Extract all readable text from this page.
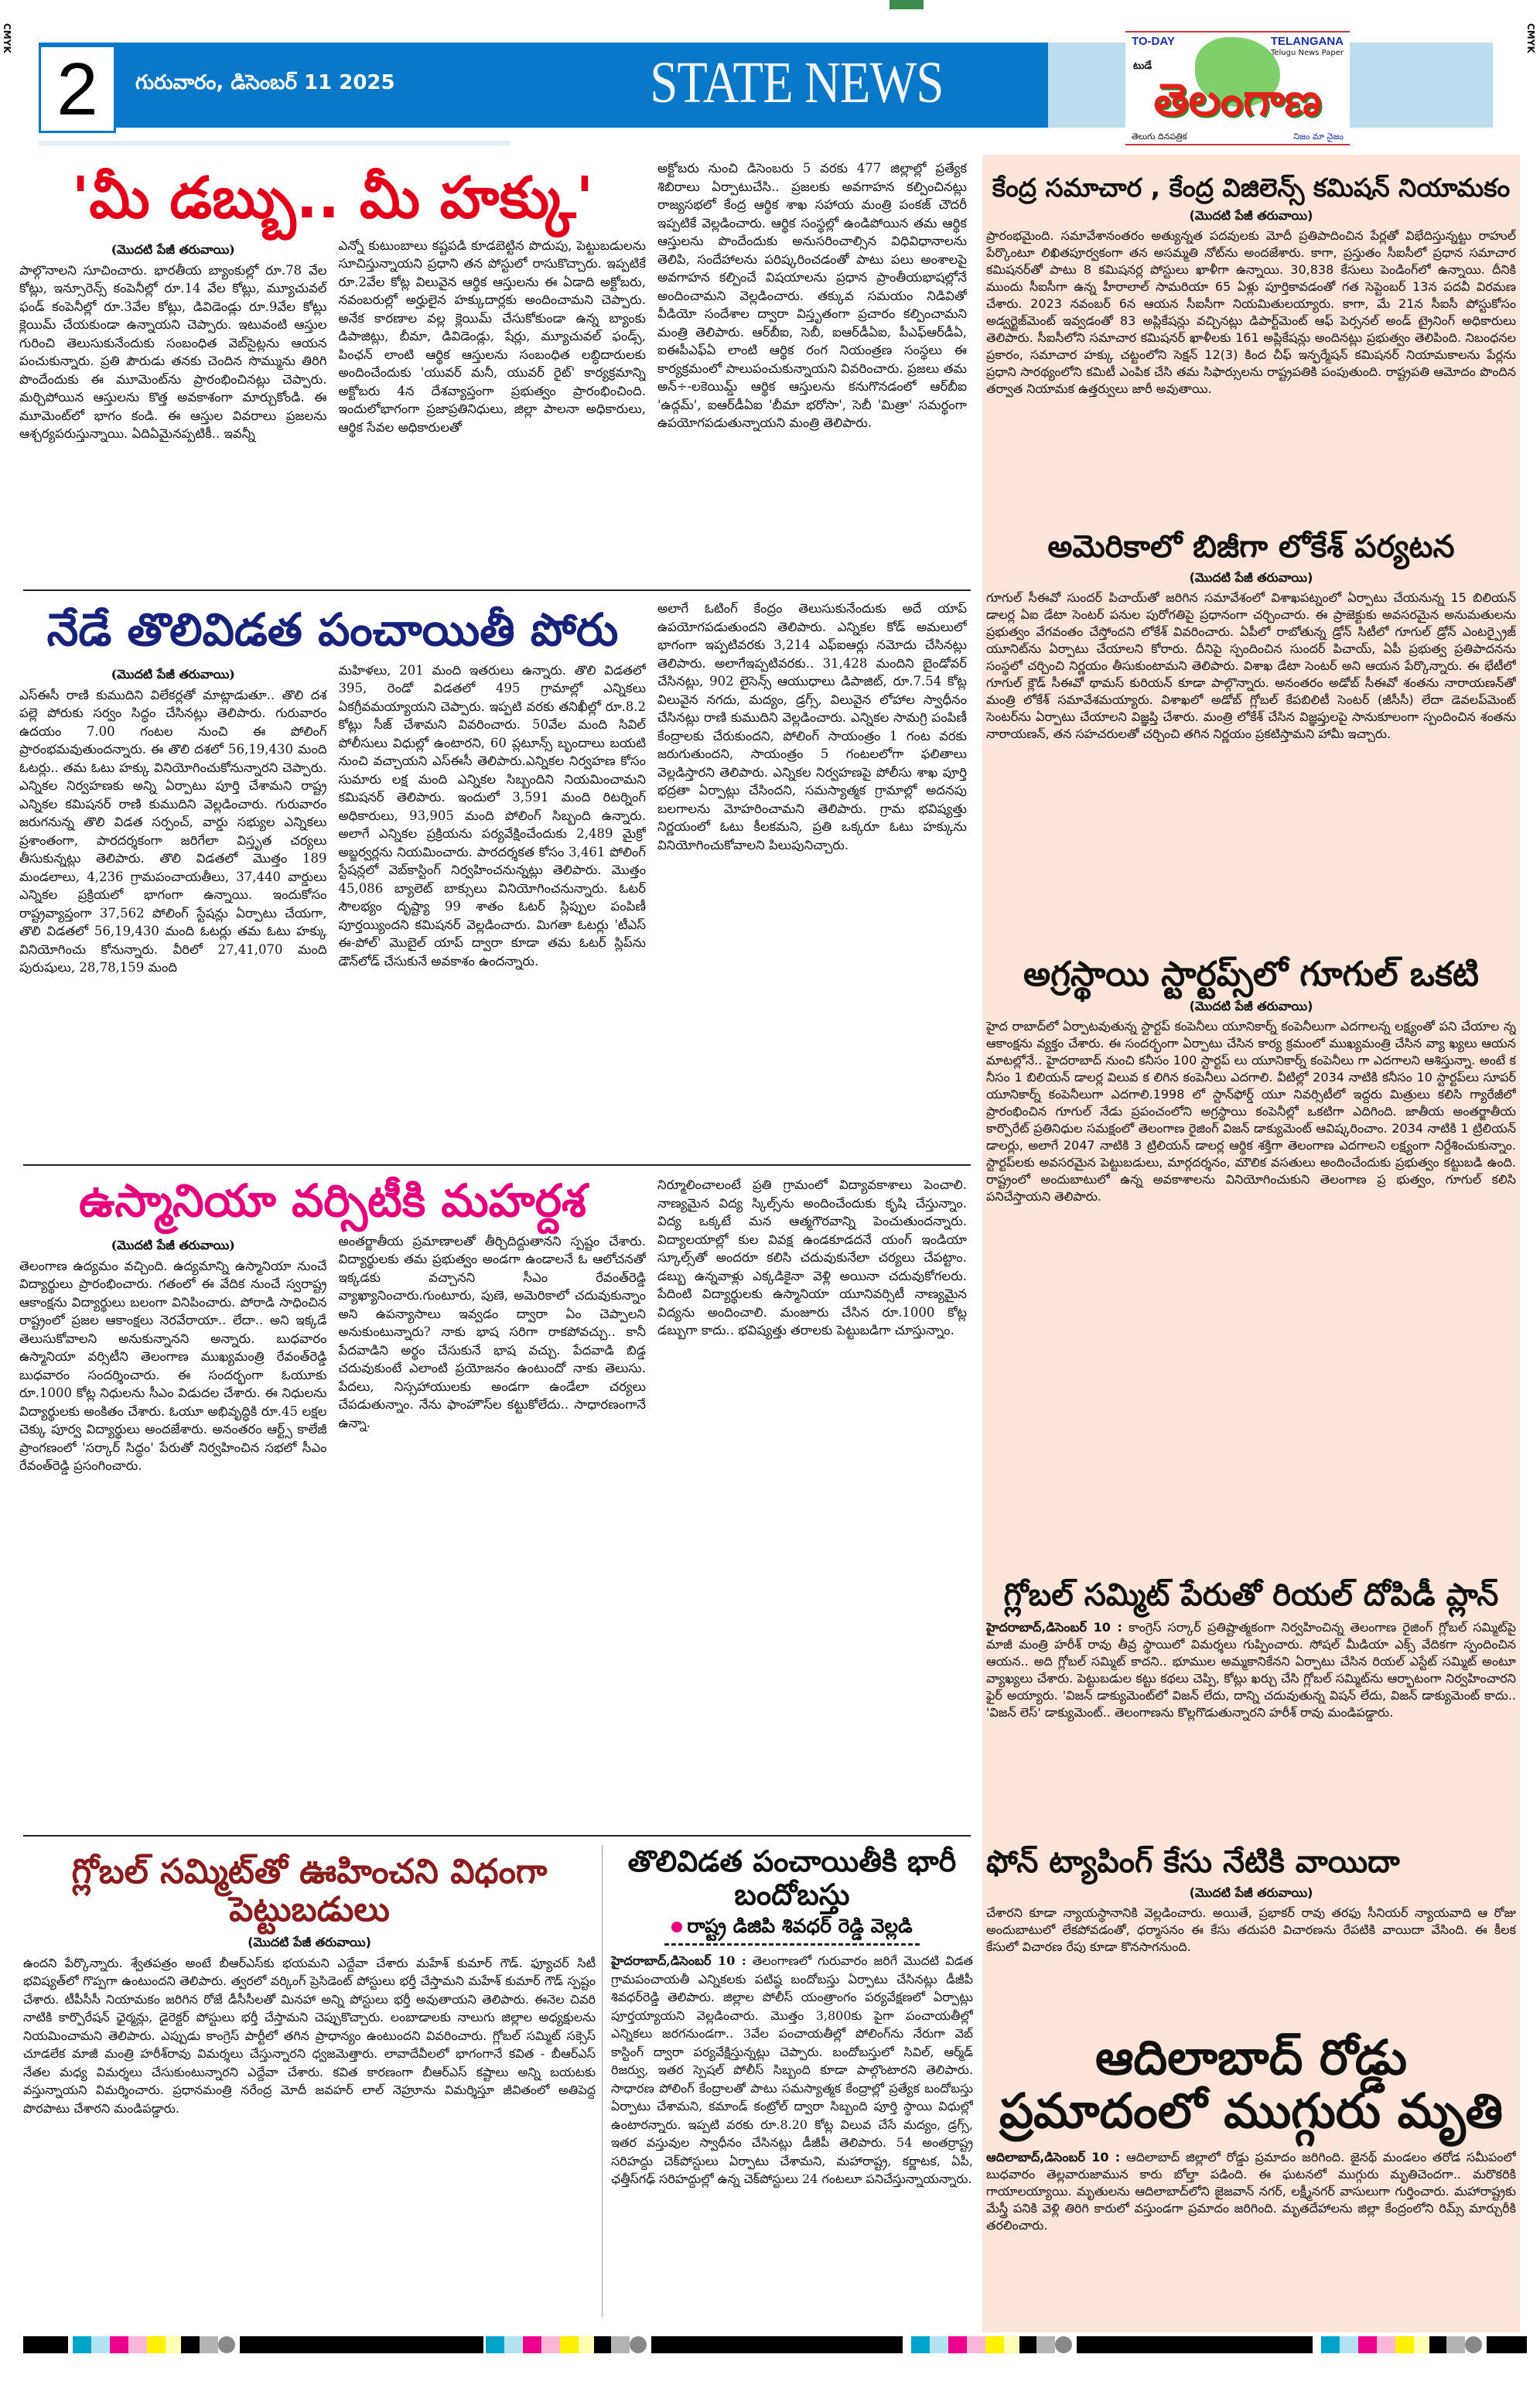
CMYK	CMYK
2	గురువారం, డిసెంబర్ 11 2025	STATE NEWS
TO-DAY	TELANGANA
Telugu News Paper
టుడే
తెలంగాణ
తెలుగు దినపత్రిక	నిజం మా నైజం
'మీ డబ్బు.. మీ హక్కు'
(మొదటి పేజీ తరువాయి)
పాల్గొనాలని సూచించారు. భారతీయ బ్యాంకుల్లో రూ.78 వేల కోట్లు, ఇన్సూరెన్స్ కంపెనీల్లో రూ.14 వేల కోట్లు, మ్యూచువల్ ఫండ్ కంపెనీల్లో రూ.3వేల కోట్లు, డివిడెండ్లు రూ.9వేల కోట్లు క్లెయిమ్ చేయకుండా ఉన్నాయని చెప్పారు. ఇటువంటి ఆస్తుల గురించి తెలుసుకునేందుకు సంబంధిత వెబ్‌సైట్లను ఆయన పంచుకున్నారు. ప్రతి పౌరుడు తనకు చెందిన సొమ్మును తిరిగి పొందేందుకు ఈ మూమెంట్‌ను ప్రారంభించినట్లు చెప్పారు. మర్చిపోయిన ఆస్తులను కొత్త అవకాశంగా మార్చుకోండి. ఈ మూమెంట్‌లో భాగం కండి. ఈ ఆస్తుల వివరాలు ప్రజలను ఆశ్చర్యపరుస్తున్నాయి. ఏదిఏమైనప్పటికీ.. ఇవన్నీ
ఎన్నో కుటుంబాలు కష్టపడి కూడబెట్టిన పొదుపు, పెట్టుబడులను సూచిస్తున్నాయని ప్రధాని తన పోస్టులో రాసుకొచ్చారు. ఇప్పటికే రూ.2వేల కోట్ల విలువైన ఆర్థిక ఆస్తులను ఈ ఏడాది అక్టోబరు, నవంబరుల్లో అర్హులైన హక్కుదార్లకు అందించామని చెప్పారు. అనేక కారణాల వల్ల క్లెయిమ్ చేసుకోకుండా ఉన్న బ్యాంకు డిపాజిట్లు, బీమా, డివిడెండ్లు, షేర్లు, మ్యూచువల్ ఫండ్స్, పింఛన్ లాంటి ఆర్థిక ఆస్తులను సంబంధిత లబ్ధిదారులకు అందించేందుకు 'యువర్ మనీ, యువర్ రైట్' కార్యక్రమాన్ని అక్టోబరు 4న దేశవ్యాప్తంగా ప్రభుత్వం ప్రారంభించింది. ఇందులోభాగంగా ప్రజాప్రతినిధులు, జిల్లా పాలనా అధికారులు, ఆర్థిక సేవల అధికారులతో
అక్టోబరు నుంచి డిసెంబరు 5 వరకు 477 జిల్లాల్లో ప్రత్యేక శిబిరాలు ఏర్పాటుచేసి.. ప్రజలకు అవగాహన కల్పించినట్లు రాజ్యసభలో కేంద్ర ఆర్థిక శాఖ సహాయ మంత్రి పంకజ్ చౌదరీ ఇప్పటికే వెల్లడించారు. ఆర్థిక సంస్థల్లో ఉండిపోయిన తమ ఆర్థిక ఆస్తులను పొందేందుకు అనుసరించాల్సిన విధివిధానాలను తెలిపి, సందేహాలను పరిష్కరించడంతో పాటు పలు అంశాలపై అవగాహన కల్పించే విషయాలను ప్రధాన ప్రాంతీయభాషల్లోనే అందించామని వెల్లడించారు. తక్కువ సమయం నిడివితో వీడియో సందేశాల ద్వారా విస్తృతంగా ప్రచారం కల్పించామని మంత్రి తెలిపారు. ఆర్‌బీఐ, సెబీ, ఐఆర్‌డీఏఐ, పీఎఫ్‌ఆర్‌డీఏ, ఐఈపీఎఫ్‌ఏ లాంటి ఆర్థిక రంగ నియంత్రణ సంస్థలు ఈ కార్యక్రమంలో పాలుపంచుకున్నాయని వివరించారు. ప్రజలు తమ అన్‌÷-లకెయిమ్డ్ ఆర్థిక ఆస్తులను కనుగొనడంలో ఆర్‌బీఐ 'ఉద్గమ్', ఐఆర్‌డీఏఐ 'బీమా భరోసా', సెబీ 'మిత్రా' సమర్థంగా ఉపయోగపడుతున్నాయని మంత్రి తెలిపారు.
నేడే తొలివిడత పంచాయితీ పోరు
(మొదటి పేజీ తరువాయి)
ఎస్ఈసీ రాణి కుముదిని విలేకర్లతో మాట్లాడుతూ.. తొలి దశ పల్లె పోరుకు సర్వం సిద్ధం చేసినట్లు తెలిపారు. గురువారం ఉదయం 7.00 గంటల నుంచి ఈ పోలింగ్ ప్రారంభమవుతుందన్నారు. ఈ తొలి దశలో 56,19,430 మంది ఓటర్లు.. తమ ఓటు హక్కు వినియోగించుకోనున్నారని చెప్పారు. ఎన్నికల నిర్వహణకు అన్ని ఏర్పాటు పూర్తి చేశామని రాష్ట్ర ఎన్నికల కమిషనర్ రాణి కుముదిని వెల్లడించారు. గురువారం జరుగనున్న తొలి విడత సర్పంచ్, వార్డు సభ్యుల ఎన్నికలు ప్రశాంతంగా, పారదర్శకంగా జరిగేలా విస్తృత చర్యలు తీసుకున్నట్లు తెలిపారు. తొలి విడతలో మొత్తం 189 మండలాలు, 4,236 గ్రామపంచాయతీలు, 37,440 వార్డులు ఎన్నికల ప్రక్రియలో భాగంగా ఉన్నాయి. ఇందుకోసం రాష్ట్రవ్యాప్తంగా 37,562 పోలింగ్ స్టేషన్లు ఏర్పాటు చేయగా, తొలి విడతలో 56,19,430 మంది ఓటర్లు తమ ఓటు హక్కు వినియోగించు కోనున్నారు. వీరిలో 27,41,070 మంది పురుషులు, 28,78,159 మంది
మహిళలు, 201 మంది ఇతరులు ఉన్నారు. తొలి విడతలో 395, రెండో విడతలో 495 గ్రామాల్లో ఎన్నికలు ఏకగ్రీవమయ్యాయని చెప్పారు. ఇప్పటి వరకు తనిఖీల్లో రూ.8.2 కోట్లు సీజ్ చేశామని వివరించారు. 50వేల మంది సివిల్ పోలీసులు విధుల్లో ఉంటారని, 60 ప్లటూన్స్ బృందాలు బయటి నుంచి వచ్చాయని ఎస్ఈసీ తెలిపారు.ఎన్నికల నిర్వహణ కోసం సుమారు లక్ష మంది ఎన్నికల సిబ్బందిని నియమించామని కమిషనర్ తెలిపారు. ఇందులో 3,591 మంది రిటర్నింగ్ అధికారులు, 93,905 మంది పోలింగ్ సిబ్బంది ఉన్నారు. అలాగే ఎన్నికల ప్రక్రియను పర్యవేక్షించేందుకు 2,489 మైక్రో అబ్జర్వర్లను నియమించారు. పారదర్శకత కోసం 3,461 పోలింగ్ స్టేషన్లలో వెబ్‌కాస్టింగ్ నిర్వహించనున్నట్లు తెలిపారు. మొత్తం 45,086 బ్యాలెట్ బాక్సులు వినియోగించనున్నారు. ఓటర్ సౌలభ్యం దృష్ట్యా 99 శాతం ఓటర్ స్లిప్పుల పంపిణీ పూర్తయ్యిందని కమిషనర్ వెల్లడించారు. మిగతా ఓటర్లు 'టీఎస్ ఈ-పోల్' మొబైల్ యాప్ ద్వారా కూడా తమ ఓటర్ స్లిప్‌ను డౌన్‌లోడ్ చేసుకునే అవకాశం ఉందన్నారు.
అలాగే ఓటింగ్ కేంద్రం తెలుసుకునేందుకు అదే యాప్ ఉపయోగపడుతుందని తెలిపారు. ఎన్నికల కోడ్ అమలులో భాగంగా ఇప్పటివరకు 3,214 ఎఫ్ఐఆర్లు నమోదు చేసినట్లు తెలిపారు. అలాగేఇప్పటివరకు.. 31,428 మందిని బైండోవర్ చేసినట్లు, 902 లైసెన్స్ ఆయుధాలు డిపాజిట్, రూ.7.54 కోట్ల విలువైన నగదు, మద్యం, డ్రగ్స్, విలువైన లోహాల స్వాధీనం చేసినట్లు రాణి కుముదిని వెల్లడించారు. ఎన్నికల సామగ్రి పంపిణీ కేంద్రాలకు చేరుకుందని, పోలింగ్ సాయంత్రం 1 గంట వరకు జరుగుతుందని, సాయంత్రం 5 గంటలలోగా ఫలితాలు వెల్లడిస్తారని తెలిపారు. ఎన్నికల నిర్వహణపై పోలీసు శాఖ పూర్తి భద్రతా ఏర్పాట్లు చేసిందని, సమస్యాత్మక గ్రామాల్లో అదనపు బలగాలను మోహరించామని తెలిపారు. గ్రామ భవిష్యత్తు నిర్ణయంలో ఓటు కీలకమని, ప్రతి ఒక్కరూ ఓటు హక్కును వినియోగించుకోవాలని పిలుపునిచ్చారు.
ఉస్మానియా వర్సిటీకి మహర్దశ
(మొదటి పేజీ తరువాయి)
తెలంగాణ ఉద్యమం వచ్చింది. ఉద్యమాన్ని ఉస్మానియా నుంచే విద్యార్థులు ప్రారంభించారు. గతంలో ఈ వేదిక నుంచే స్వరాష్ట్ర ఆకాంక్షను విద్యార్థులు బలంగా వినిపించారు. పోరాడి సాధించిన రాష్ట్రంలో ప్రజల ఆకాంక్షలు నెరవేరాయా.. లేదా.. అని ఇక్కడే తెలుసుకోవాలని అనుకున్నానని అన్నారు. బుధవారం ఉస్మానియా వర్సిటీని తెలంగాణ ముఖ్యమంత్రి రేవంత్‌రెడ్డి బుధవారం సందర్శించారు. ఈ సందర్భంగా ఓయూకు రూ.1000 కోట్ల నిధులను సీఎం విడుదల చేశారు. ఈ నిధులను విద్యార్థులకు అంకితం చేశారు. ఓయూ అభివృద్ధికి రూ.45 లక్షల చెక్కు పూర్వ విద్యార్థులు అందజేశారు. అనంతరం ఆర్ట్స్ కాలేజీ ప్రాంగణంలో 'సర్కార్ సిద్ధం' పేరుతో నిర్వహించిన సభలో సీఎం రేవంత్‌రెడ్డి ప్రసంగించారు.
అంతర్జాతీయ ప్రమాణాలతో తీర్చిదిద్దుతానని స్పష్టం చేశారు. విద్యార్థులకు తమ ప్రభుత్వం అండగా ఉండాలనే ఓ ఆలోచనతో ఇక్కడకు వచ్చానని సీఎం రేవంత్‌రెడ్డి వ్యాఖ్యానించారు.గుంటూరు, పుణె, అమెరికాలో చదువుకున్నాం అని ఉపన్యాసాలు ఇవ్వడం ద్వారా ఏం చెప్పాలని అనుకుంటున్నారు? నాకు భాష సరిగా రాకపోవచ్చు.. కానీ పేదవాడిని అర్థం చేసుకునే భాష వచ్చు. పేదవాడి బిడ్డ చదువుకుంటే ఎలాంటి ప్రయోజనం ఉంటుందో నాకు తెలుసు. పేదలు, నిస్సహాయులకు అండగా ఉండేలా చర్యలు చేపడుతున్నాం. నేను ఫాంహౌస్‌ల కట్టుకోలేదు.. సాధారణంగానే ఉన్నా.
నిర్మూలించాలంటే ప్రతి గ్రామంలో విద్యావకాశాలు పెంచాలి. నాణ్యమైన విద్య స్కిల్స్‌ను అందించేందుకు కృషి చేస్తున్నాం. విద్య ఒక్కటే మన ఆత్మగౌరవాన్ని పెంచుతుందన్నారు. విద్యాలయాల్లో కుల వివక్ష ఉండకూడదనే యంగ్ ఇండియా స్కూల్స్‌తో అందరూ కలిసి చదువుకునేలా చర్యలు చేపట్టాం. డబ్బు ఉన్నవాళ్లు ఎక్కడికైనా వెళ్లి అయినా చదువుకోగలరు. పేదింటి విద్యార్థులకు ఉస్మానియా యూనివర్సిటీ నాణ్యమైన విద్యను అందించాలి. మంజూరు చేసిన రూ.1000 కోట్ల డబ్బుగా కాదు.. భవిష్యత్తు తరాలకు పెట్టుబడిగా చూస్తున్నాం.
గ్లోబల్ సమ్మిట్‌తో ఊహించని విధంగా పెట్టుబడులు
(మొదటి పేజీ తరువాయి)
ఉందని పేర్కొన్నారు. శ్వేతపత్రం అంటే బీఆర్ఎస్‌కు భయమని ఎద్దేవా చేశారు మహేశ్ కుమార్ గౌడ్. ఫ్యూచర్ సిటీ భవిష్యత్‌లో గొప్పగా ఉంటుందని తెలిపారు. త్వరలో వర్కింగ్ ప్రెసిడెంట్ పోస్టులు భర్తీ చేస్తామని మహేశ్ కుమార్ గౌడ్ స్పష్టం చేశారు. టీపీసీసీ నియామకం జరిగిన రోజే డీసీసీలతో మినహా అన్ని పోస్టులు భర్తీ అవుతాయని తెలిపారు. ఈనెల చివరి నాటికి కార్పొరేషన్ ఛైర్మన్లు, డైరెక్టర్ పోస్టులు భర్తీ చేస్తామని చెప్పుకొచ్చారు. లంబాడాలకు నాలుగు జిల్లాల అధ్యక్షులను నియమించామని తెలిపారు. ఎప్పుడు కాంగ్రెస్ పార్టీలో తగిన ప్రాధాన్యం ఉంటుందని వివరించారు. గ్లోబల్ సమ్మిట్ సక్సెస్ చూడలేక మాజీ మంత్రి హరీశ్‌రావు విమర్శలు చేస్తున్నారని ధ్వజమెత్తారు. లావాదేవీలలో భాగంగానే కవిత - బీఆర్ఎస్ నేతల మధ్య విమర్శలు చేసుకుంటున్నారని ఎద్దేవా చేశారు. కవిత కారణంగా బీఆర్ఎస్ కష్టాలు అన్ని బయటకు వస్తున్నాయని విమర్శించారు. ప్రధానమంత్రి నరేంద్ర మోదీ జవహర్ లాల్ నెహ్రూను విమర్శిస్తూ జీవితంలో అతిపెద్ద పొరపాటు చేశారని మండిపడ్డారు.
తొలివిడత పంచాయితీకి భారీ బందోబస్తు
రాష్ట్ర డిజిపి శివధర్ రెడ్డి వెల్లడి
హైదరాబాద్,డిసెంబర్ 10 : తెలంగాణలో గురువారం జరిగే మొదటి విడత గ్రామపంచాయతీ ఎన్నికలకు పటిష్ఠ బందోబస్తు ఏర్పాటు చేసినట్లు డీజీపీ శివధర్‌రెడ్డి తెలిపారు. జిల్లాల పోలీస్ యంత్రాంగం పర్యవేక్షణలో ఏర్పాట్లు పూర్తయ్యాయని వెల్లడించారు. మొత్తం 3,800కు పైగా పంచాయతీల్లో ఎన్నికలు జరగనుండగా.. 3వేల పంచాయతీల్లో పోలింగ్‌ను నేరుగా వెబ్ కాస్టింగ్ ద్వారా పర్యవేక్షిస్తున్నట్లు చెప్పారు. బందోబస్తులో సివిల్, ఆర్మ్‌డ్ రిజర్వు, ఇతర స్పెషల్ పోలీస్ సిబ్బంది కూడా పాల్గొంటారని తెలిపారు. సాధారణ పోలింగ్ కేంద్రాలతో పాటు సమస్యాత్మక కేంద్రాల్లో ప్రత్యేక బందోబస్తు ఏర్పాటు చేశామని, కమాండ్ కంట్రోల్ ద్వారా సిబ్బంది పూర్తి స్థాయి విధుల్లో ఉంటారన్నారు. ఇప్పటి వరకు రూ.8.20 కోట్ల విలువ చేసే మద్యం, డ్రగ్స్, ఇతర వస్తువుల స్వాధీనం చేసినట్లు డీజీపీ తెలిపారు. 54 అంతర్రాష్ట్ర సరిహద్దు చెక్‌పోస్టులు ఏర్పాటు చేశామని, మహారాష్ట్ర, కర్ణాటక, ఏపీ, ఛత్తీస్‌గఢ్ సరిహద్దుల్లో ఉన్న చెక్‌పోస్టులు 24 గంటలూ పనిచేస్తున్నాయన్నారు.
కేంద్ర సమాచార , కేంద్ర విజిలెన్స్ కమిషన్ నియామకం
(మొదటి పేజీ తరువాయి)
ప్రారంభమైంది. సమావేశానంతరం అత్యున్నత పదవులకు మోదీ ప్రతిపాదించిన పేర్లతో విభేదిస్తున్నట్టు రాహుల్ పేర్కొంటూ లిఖితపూర్వకంగా తన అసమ్మతి నోట్‌ను అందజేశారు. కాగా, ప్రస్తుతం సీఐసీలో ప్రధాన సమాచార కమిషనర్‌తో పాటు 8 కమిషనర్ల పోస్టులు ఖాళీగా ఉన్నాయి. 30,838 కేసులు పెండింగ్‌లో ఉన్నాయి. దీనికి ముందు సీఐసీగా ఉన్న హీరాలాల్ సామరియా 65 ఏళ్లు పూర్తికావడంతో గత సెప్టెంబర్ 13న పదవీ విరమణ చేశారు. 2023 నవంబర్ 6న ఆయన సీఐసీగా నియమితులయ్యారు. కాగా, మే 21న సీఐసీ పోస్టుకోసం అడ్వర్టైజ్‌మెంట్ ఇవ్వడంతో 83 అప్లికేషన్లు వచ్చినట్లు డిపార్ట్‌మెంట్ ఆఫ్ పెర్సనల్ అండ్ ట్రైనింగ్ అధికారులు తెలిపారు. సీఐసీలోని సమాచార కమిషనర్ ఖాళీలకు 161 అప్లికేషన్లు అందినట్లు ప్రభుత్వం తెలిపింది. నిబంధనల ప్రకారం, సమాచార హక్కు చట్టంలోని సెక్షన్ 12(3) కింద చీఫ్ ఇన్ఫర్మేషన్ కమిషనర్ నియామకాలను పేర్లను ప్రధాని సారథ్యంలోని కమిటీ ఎంపిక చేసి తమ సిఫార్సులను రాష్ట్రపతికి పంపుతుంది. రాష్ట్రపతి ఆమోదం పొందిన తర్వాత నియామక ఉత్తర్వులు జారీ అవుతాయి.
అమెరికాలో బిజీగా లోకేశ్ పర్యటన
(మొదటి పేజీ తరువాయి)
గూగుల్ సీఈవో సుందర్ పిచాయ్‌తో జరిగిన సమావేశంలో విశాఖపట్నంలో ఏర్పాటు చేయనున్న 15 బిలియన్ డాలర్ల ఏఐ డేటా సెంటర్ పనుల పురోగతిపై ప్రధానంగా చర్చించారు. ఈ ప్రాజెక్టుకు అవసరమైన అనుమతులను ప్రభుత్వం వేగవంతం చేస్తోందని లోకేశ్ వివరించారు. ఏపీలో రాబోతున్న డ్రోన్ సిటీలో గూగుల్ డ్రోన్ ఎంటర్ప్రైజ్ యూనిట్‌ను ఏర్పాటు చేయాలని కోరారు. దీనిపై స్పందించిన సుందర్ పిచాయ్, ఏపీ ప్రభుత్వ ప్రతిపాదనను సంస్థలో చర్చించి నిర్ణయం తీసుకుంటామని తెలిపారు. విశాఖ డేటా సెంటర్ అని ఆయన పేర్కొన్నారు. ఈ భేటీలో గూగుల్ క్లౌడ్ సీఈవో థామస్ కురియన్ కూడా పాల్గొన్నారు. అనంతరం అడోబ్ సీఈవో శంతను నారాయణన్‌తో మంత్రి లోకేశ్ సమావేశమయ్యారు. విశాఖలో అడోబ్ గ్లోబల్ కేపబిలిటీ సెంటర్ (జీసీసీ) లేదా డెవలప్‌మెంట్ సెంటర్‌ను ఏర్పాటు చేయాలని విజ్ఞప్తి చేశారు. మంత్రి లోకేశ్ చేసిన విజ్ఞప్తులపై సానుకూలంగా స్పందించిన శంతను నారాయణన్, తన సహచరులతో చర్చించి తగిన నిర్ణయం ప్రకటిస్తామని హామీ ఇచ్చారు.
అగ్రస్థాయి స్టార్టప్స్‌లో గూగుల్ ఒకటి
(మొదటి పేజీ తరువాయి)
హైద రాబాద్‌లో ఏర్పాటవుతున్న స్టార్టప్ కంపెనీలు యూనికార్న్ కంపెనీలుగా ఎదగాలన్న లక్ష్యంతో పని చేయాల న్న ఆకాంక్షను వ్యక్తం చేశారు. ఈ సందర్భంగా ఏర్పాటు చేసిన కార్య క్రమంలో ముఖ్యమంత్రి చేసిన వ్యా ఖ్యలు ఆయన మాటల్లోనే.. హైదరాబాద్ నుంచి కనీసం 100 స్టార్టప్ లు యూనికార్న్ కంపెనీలు గా ఎదగాలని ఆశిస్తున్నా. అంటే క నీసం 1 బిలియన్ డాలర్ల విలువ క లిగిన కంపెనీలు ఎదగాలి. వీటిల్లో 2034 నాటికి కనీసం 10 స్టార్టప్‌లు సూపర్ యూనికార్న్ కంపెనీలుగా ఎదగాలి.1998 లో స్టాన్‌ఫోర్డ్ యూ నివర్సిటీలో ఇద్దరు మిత్రులు కలిసి గ్యారేజీలో ప్రారంభించిన గూగుల్ నేడు ప్రపంచంలోని అగ్రస్థాయి కంపెనీల్లో ఒకటిగా ఎదిగింది. జాతీయ అంతర్జాతీయ కార్పొరేట్ ప్రతినిధుల సమక్షంలో తెలంగాణ రైజింగ్ విజన్ డాక్యుమెంట్ ఆవిష్కరించాం. 2034 నాటికి 1 ట్రిలియన్ డాలర్లు, అలాగే 2047 నాటికి 3 ట్రిలియన్ డాలర్ల ఆర్థిక శక్తిగా తెలంగాణ ఎదగాలని లక్ష్యంగా నిర్దేశించుకున్నాం. స్టార్టప్‌లకు అవసరమైన పెట్టుబడులు, మార్గదర్శనం, మౌలిక వసతులు అందించేందుకు ప్రభుత్వం కట్టుబడి ఉంది. రాష్ట్రంలో అందుబాటులో ఉన్న అవకాశాలను వినియోగించుకుని తెలంగాణ ప్ర భుత్వం, గూగుల్ కలిసి పనిచేస్తాయని తెలిపారు.
గ్లోబల్ సమ్మిట్ పేరుతో రియల్ దోపిడీ ప్లాన్
హైదరాబాద్,డిసెంబర్ 10 : కాంగ్రెస్ సర్కార్ ప్రతిష్టాత్మకంగా నిర్వహించిన్న తెలంగాణ రైజింగ్ గ్లోబల్ సమ్మిట్‌పై మాజీ మంత్రి హరీశ్ రావు తీవ్ర స్థాయిలో విమర్శలు గుప్పించారు. సోషల్ మీడియా ఎక్స్ వేదికగా స్పందించిన ఆయన.. అది గ్లోబల్ సమ్మిట్ కాదని.. భూముల అమ్మకానికేనని ఏర్పాటు చేసిన రియల్ ఎస్టేట్ సమ్మిట్ అంటూ వ్యాఖ్యలు చేశారు. పెట్టుబడుల కట్టు కథలు చెప్పి, కోట్లు ఖర్చు చేసి గ్లోబల్ సమ్మిట్‌ను ఆర్భాటంగా నిర్వహించారని ఫైర్ అయ్యారు. 'విజన్ డాక్యుమెంట్‌లో విజన్ లేదు, దాన్ని చదువుతున్న విషన్ లేదు, విజన్ డాక్యుమెంట్ కాదు.. 'విజన్ లెస్' డాక్యుమెంట్.. తెలంగాణను కొల్లగొడుతున్నారని హరీశ్ రావు మండిపడ్డారు.
ఫోన్ ట్యాపింగ్ కేసు నేటికి వాయిదా
(మొదటి పేజీ తరువాయి)
చేశారని కూడా న్యాయస్థానానికి వెల్లడించారు. అయితే, ప్రభాకర్ రావు తరఫు సీనియర్ న్యాయవాది ఆ రోజు అందుబాటులో లేకపోవడంతో, ధర్మాసనం ఈ కేసు తదుపరి విచారణను రేపటికి వాయిదా వేసింది. ఈ కీలక కేసులో విచారణ రేపు కూడా కొనసాగనుంది.
ఆదిలాబాద్ రోడ్డు
ప్రమాదంలో ముగ్గురు మృతి
ఆదిలాబాద్,డిసెంబర్ 10 : ఆదిలాబాద్ జిల్లాలో రోడ్డు ప్రమాదం జరిగింది. జైనథ్ మండలం తరోడ సమీపంలో బుధవారం తెల్లవారుజామున కారు బోల్తా పడింది. ఈ ఘటనలో ముగ్గురు మృతిచెందగా.. మరొకరికి గాయాలయ్యాయి. మృతులను ఆదిలాబాద్‌లోని జైజవాన్ నగర్, లక్ష్మీనగర్ వాసులుగా గుర్తించారు. మహారాష్ట్రకు మేస్త్రీ పనికి వెళ్లి తిరిగి కారులో వస్తుండగా ప్రమాదం జరిగింది. మృతదేహాలను జిల్లా కేంద్రంలోని రిమ్స్ మార్చురీకి తరలించారు.
